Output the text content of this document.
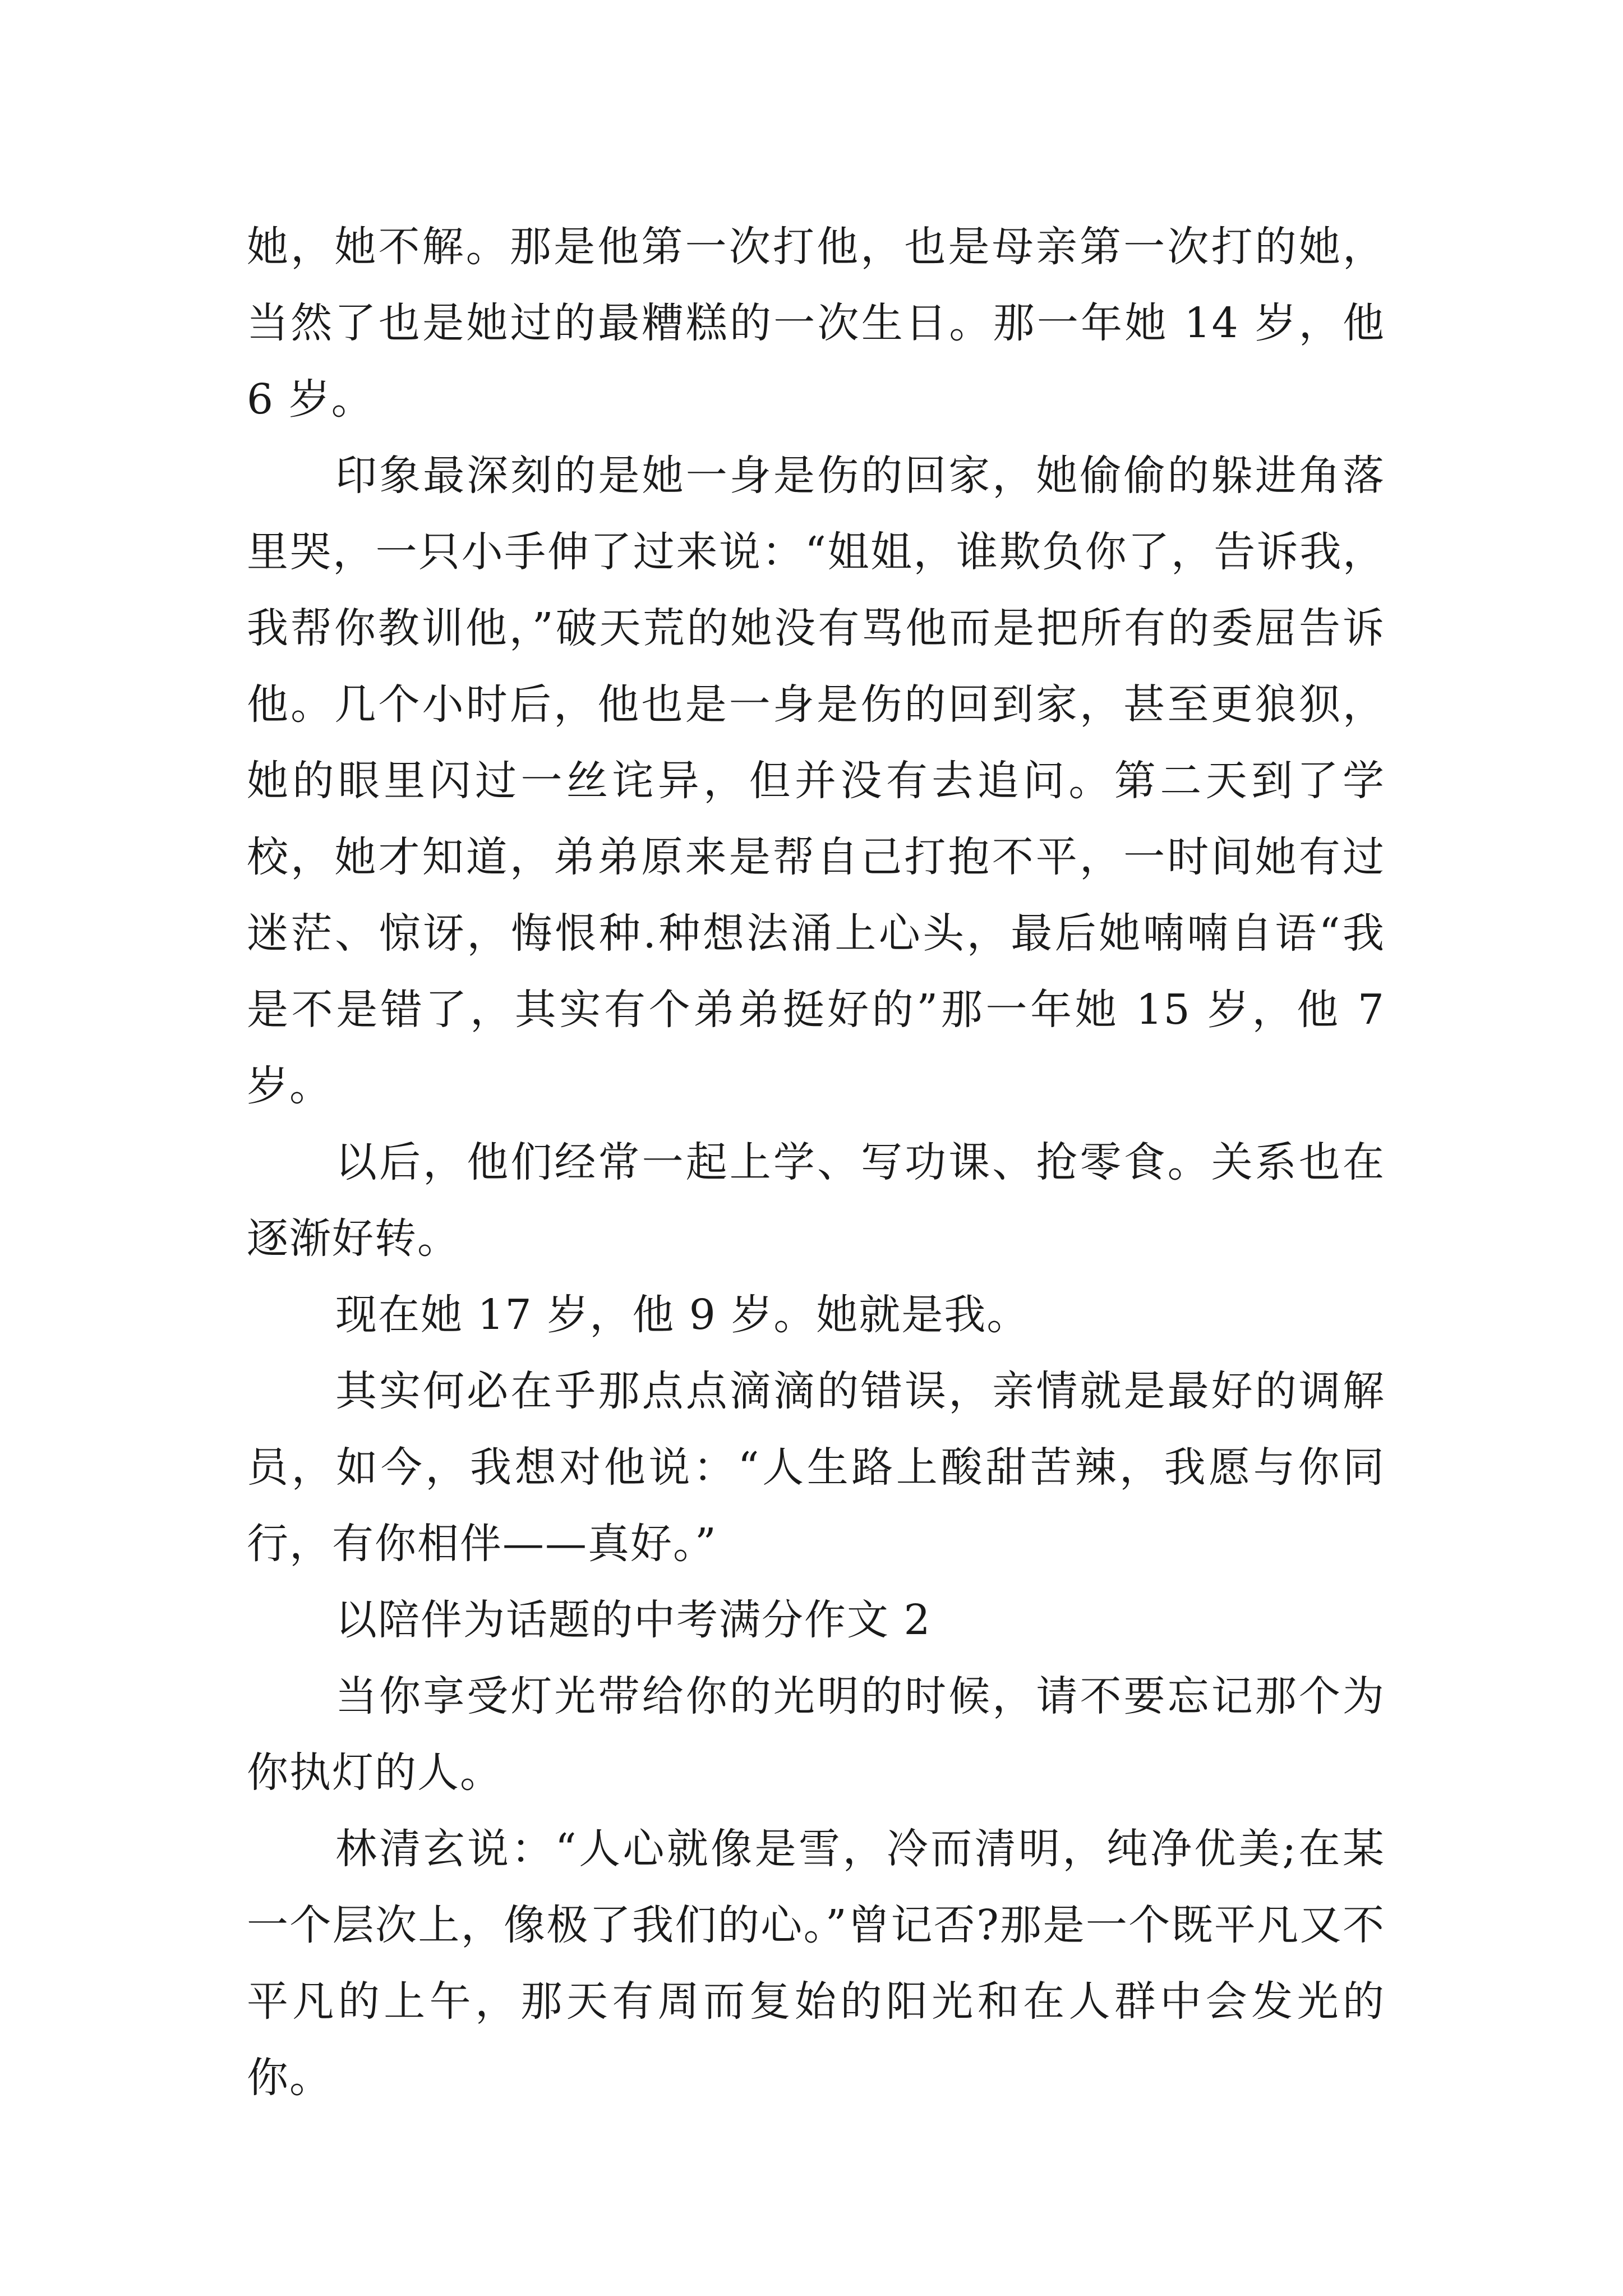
她，她不解。那是他第一次打他，也是母亲第一次打的她，当然了也是她过的最糟糕的一次生日。那一年她 14 岁，他 6 岁。

印象最深刻的是她一身是伤的回家，她偷偷的躲进角落里哭，一只小手伸了过来说：“姐姐，谁欺负你了，告诉我，我帮你教训他，”破天荒的她没有骂他而是把所有的委屈告诉他。几个小时后，他也是一身是伤的回到家，甚至更狼狈，她的眼里闪过一丝诧异，但并没有去追问。第二天到了学校，她才知道，弟弟原来是帮自己打抱不平，一时间她有过迷茫、惊讶，悔恨种.种想法涌上心头，最后她喃喃自语“我是不是错了，其实有个弟弟挺好的”那一年她 15 岁，他 7 岁。

以后，他们经常一起上学、写功课、抢零食。关系也在逐渐好转。

现在她 17 岁，他 9 岁。她就是我。

其实何必在乎那点点滴滴的错误，亲情就是最好的调解员，如今，我想对他说：“人生路上酸甜苦辣，我愿与你同行，有你相伴——真好。”

以陪伴为话题的中考满分作文 2

当你享受灯光带给你的光明的时候，请不要忘记那个为你执灯的人。

林清玄说：“人心就像是雪，冷而清明，纯净优美;在某一个层次上，像极了我们的心。”曾记否?那是一个既平凡又不平凡的上午，那天有周而复始的阳光和在人群中会发光的你。
